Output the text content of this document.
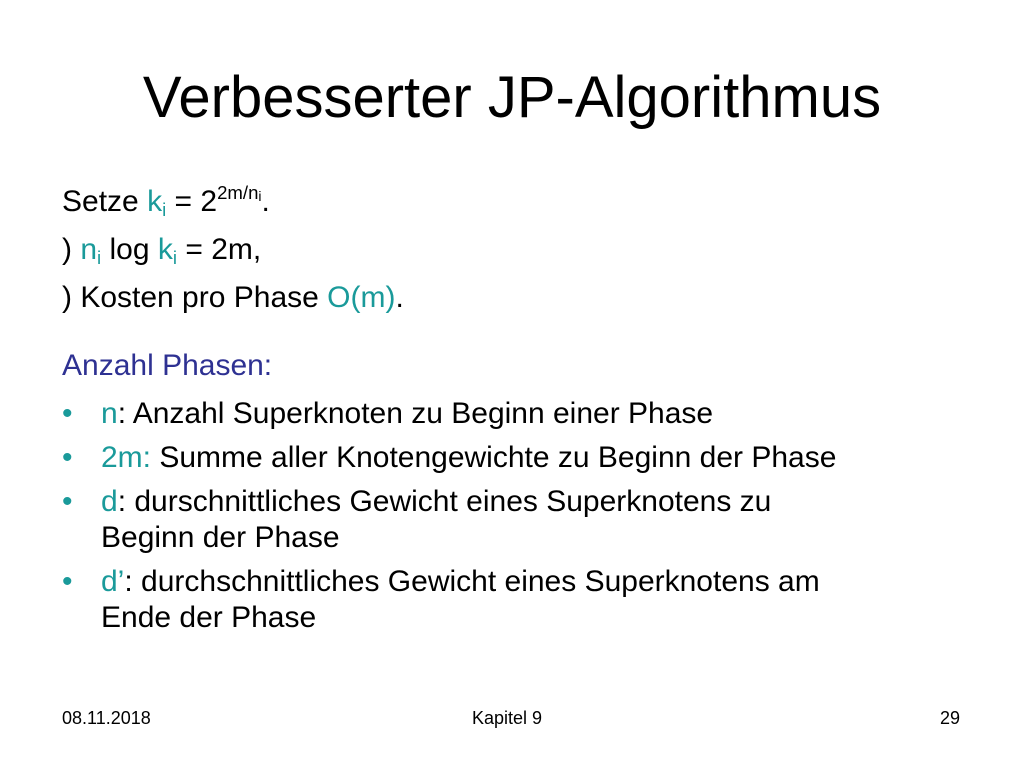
Verbesserter JP-Algorithmus
Setze $k_i = 2^{2m/n_i}$.
) $n_i$ $\log k_i = 2m$,
) Kosten pro Phase O(m).
Anzahl Phasen:
• n: Anzahl Superknoten zu Beginn einer Phase
• 2m: Summe aller Knotengewichte zu Beginn der Phase
• d: durschnittliches Gewicht eines Superknotens zu
Beginn der Phase
• d’: durchschnittliches Gewicht eines Superknotens am
Ende der Phase
08.11.2018	Kapitel 9	29
